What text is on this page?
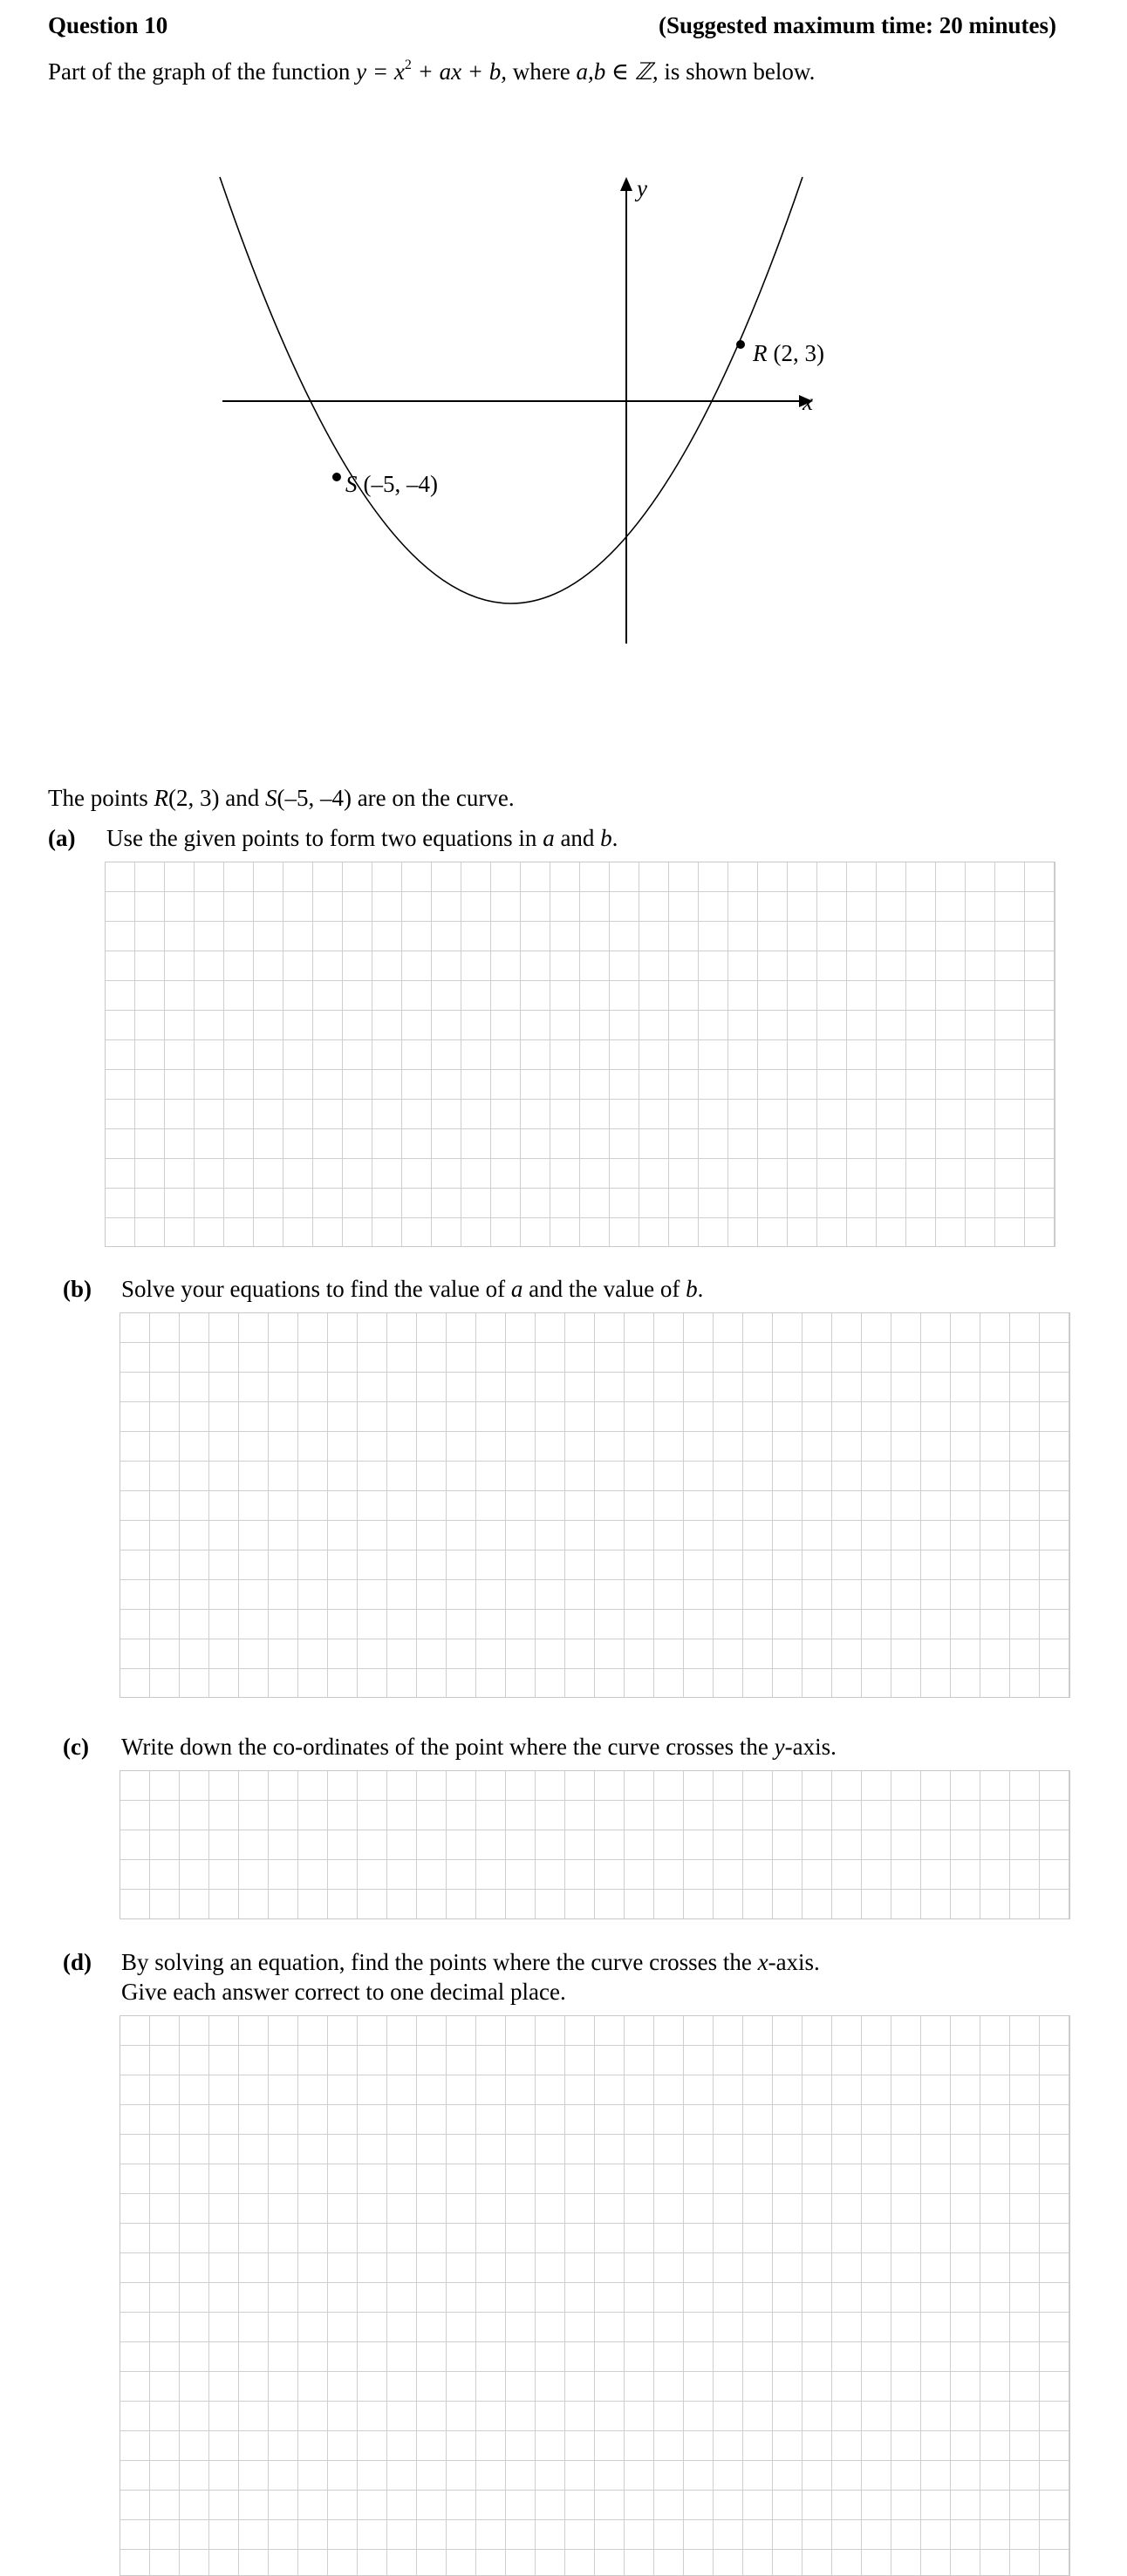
Question 10	(Suggested maximum time: 20 minutes)
Part of the graph of the function $y = x^2$ + ax + b, where a,b ∈ ℤ, is shown below.
y
x
R (2, 3)
S (–5, –4)
The points R(2, 3) and S(–5, –4) are on the curve.
(a) Use the given points to form two equations in a and b.
(b) Solve your equations to find the value of a and the value of b.
(c) Write down the co-ordinates of the point where the curve crosses the y-axis.
(d) By solving an equation, find the points where the curve crosses the x-axis.
Give each answer correct to one decimal place.
